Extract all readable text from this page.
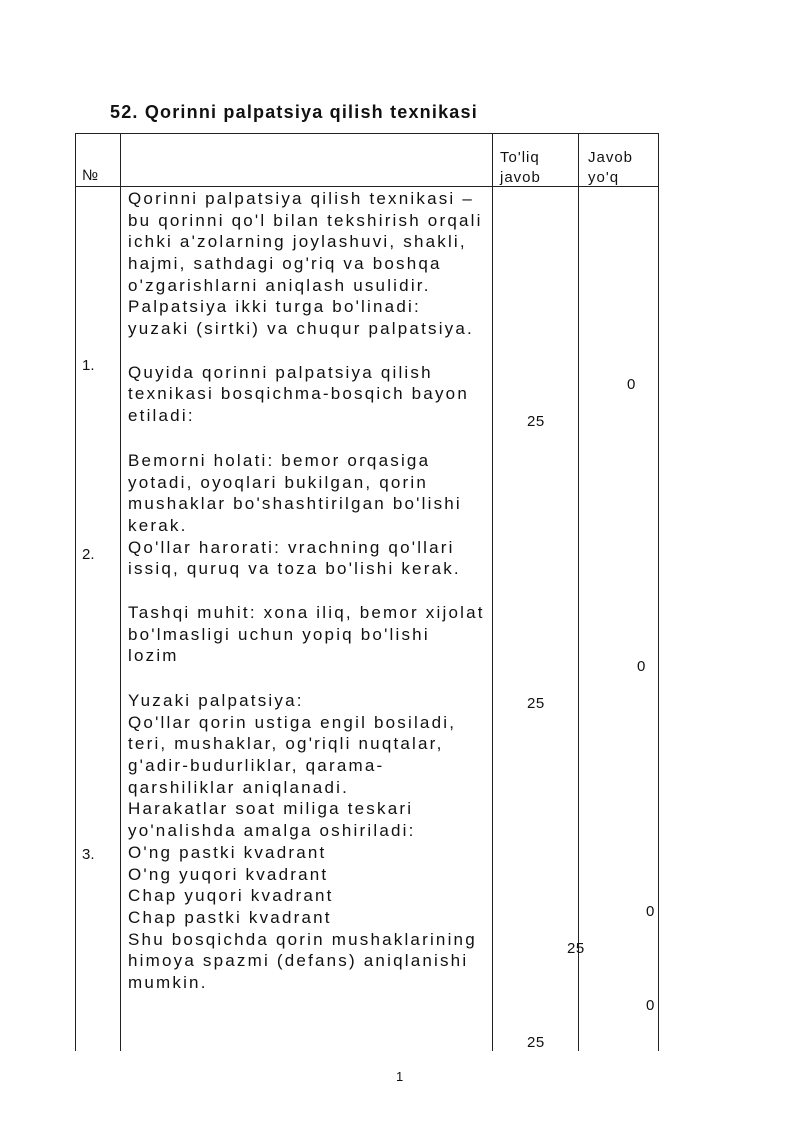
52. Qorinni palpatsiya qilish texnikasi
№
To'liq
javob
Javob
yo'q
1.
2.
3.
Qorinni palpatsiya qilish texnikasi –
bu qorinni qo'l bilan tekshirish orqali
ichki a'zolarning joylashuvi, shakli,
hajmi, sathdagi og'riq va boshqa
o'zgarishlarni aniqlash usulidir.
Palpatsiya ikki turga bo'linadi:
yuzaki (sirtki) va chuqur palpatsiya.
Quyida qorinni palpatsiya qilish
texnikasi bosqichma-bosqich bayon
etiladi:
Bemorni holati: bemor orqasiga
yotadi, oyoqlari bukilgan, qorin
mushaklar bo'shashtirilgan bo'lishi
kerak.
Qo'llar harorati: vrachning qo'llari
issiq, quruq va toza bo'lishi kerak.
Tashqi muhit: xona iliq, bemor xijolat
bo'lmasligi uchun yopiq bo'lishi
lozim
Yuzaki palpatsiya:
Qo'llar qorin ustiga engil bosiladi,
teri, mushaklar, og'riqli nuqtalar,
g'adir-budurliklar, qarama-
qarshiliklar aniqlanadi.
Harakatlar soat miliga teskari
yo'nalishda amalga oshiriladi:
O'ng pastki kvadrant
O'ng yuqori kvadrant
Chap yuqori kvadrant
Chap pastki kvadrant
Shu bosqichda qorin mushaklarining
himoya spazmi (defans) aniqlanishi
mumkin.
25
0
25
0
25
0
0
25
1
